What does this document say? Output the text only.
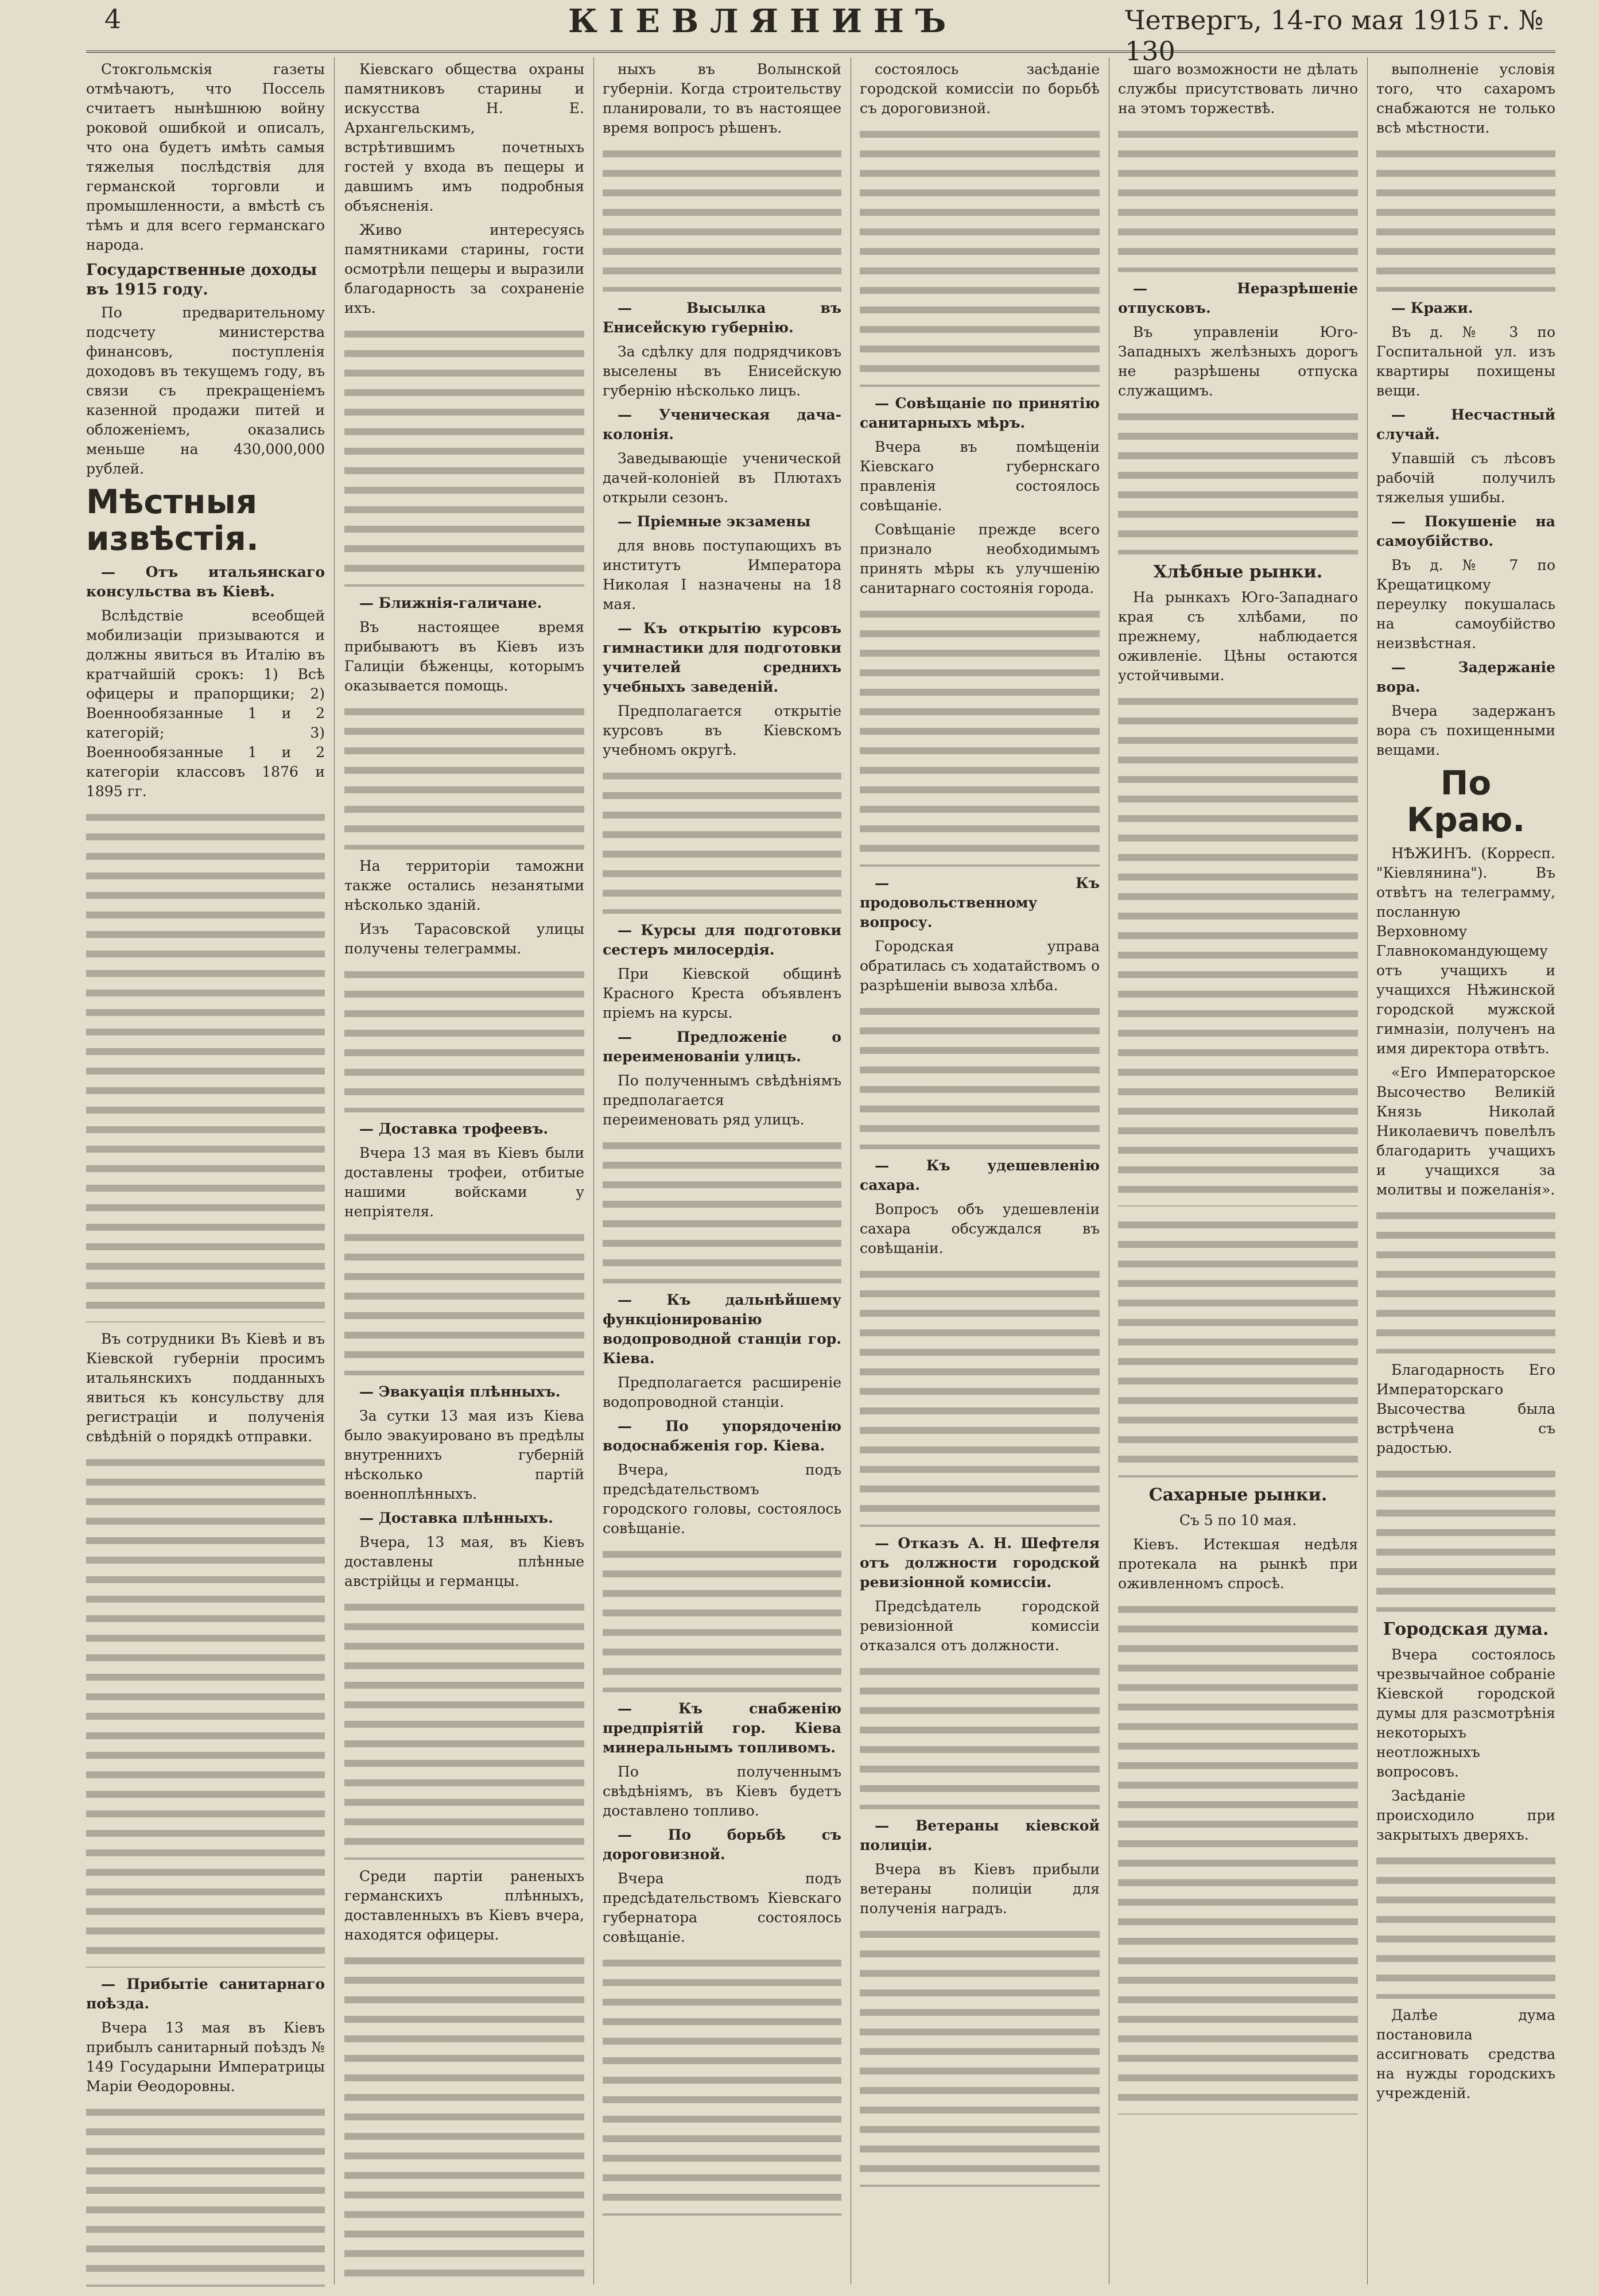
4	КІЕВЛЯНИНЪ	Четвергъ, 14-го мая 1915 г. № 130

Стокгольмскія газеты отмѣчаютъ, что Поссель считаетъ нынѣшнюю войну роковой ошибкой и описалъ, что она будетъ имѣть самыя тяжелыя послѣдствія для германской торговли и промышленности, а вмѣстѣ съ тѣмъ и для всего германскаго народа.

Государственные доходы въ 1915 году.

По предварительному подсчету министерства финансовъ, поступленія доходовъ въ текущемъ году, въ связи съ прекращеніемъ казенной продажи питей и обложеніемъ, оказались меньше на 430,000,000 рублей.

Мѣстныя извѣстія.

— Отъ итальянскаго консульства въ Кіевѣ.

Вслѣдствіе всеобщей мобилизаціи призываются и должны явиться въ Италію въ кратчайшій срокъ: 1) Всѣ офицеры и прапорщики; 2) Военнообязанные 1 и 2 категорій; 3) Военнообязанные 1 и 2 категоріи классовъ 1876 и 1895 гг.

Въ сотрудники Въ Кіевѣ и въ Кіевской губерніи просимъ итальянскихъ подданныхъ явиться къ консульству для регистраціи и полученія свѣдѣній о порядкѣ отправки.

— Прибытіе санитарнаго поѣзда.

Вчера 13 мая въ Кіевъ прибылъ санитарный поѣздъ № 149 Государыни Императрицы Маріи Ѳеодоровны.

Кіевскаго общества охраны памятниковъ старины и искусства Н. Е. Архангельскимъ, встрѣтившимъ почетныхъ гостей у входа въ пещеры и давшимъ имъ подробныя объясненія.

Живо интересуясь памятниками старины, гости осмотрѣли пещеры и выразили благодарность за сохраненіе ихъ.

— Ближнія-галичане.

Въ настоящее время прибываютъ въ Кіевъ изъ Галиціи бѣженцы, которымъ оказывается помощь.

На территоріи таможни также остались незанятыми нѣсколько зданій.

Изъ Тарасовской улицы получены телеграммы.

— Доставка трофеевъ.

Вчера 13 мая въ Кіевъ были доставлены трофеи, отбитые нашими войсками у непріятеля.

— Эвакуація плѣнныхъ.

За сутки 13 мая изъ Кіева было эвакуировано въ предѣлы внутреннихъ губерній нѣсколько партій военноплѣнныхъ.

— Доставка плѣнныхъ.

Вчера, 13 мая, въ Кіевъ доставлены плѣнные австрійцы и германцы.

Среди партіи раненыхъ германскихъ плѣнныхъ, доставленныхъ въ Кіевъ вчера, находятся офицеры.

ныхъ въ Волынской губерніи. Когда строительству планировали, то въ настоящее время вопросъ рѣшенъ.

— Высылка въ Енисейскую губернію.

За сдѣлку для подрядчиковъ выселены въ Енисейскую губернію нѣсколько лицъ.

— Ученическая дача-колонія.

Заведывающіе ученической дачей-колоніей въ Плютахъ открыли сезонъ.

— Пріемные экзамены

для вновь поступающихъ въ институтъ Императора Николая I назначены на 18 мая.

— Къ открытію курсовъ гимнастики для подготовки учителей среднихъ учебныхъ заведеній.

Предполагается открытіе курсовъ въ Кіевскомъ учебномъ округѣ.

— Курсы для подготовки сестеръ милосердія.

При Кіевской общинѣ Красного Креста объявленъ пріемъ на курсы.

— Предложеніе о переименованіи улицъ.

По полученнымъ свѣдѣніямъ предполагается переименовать ряд улицъ.

— Къ дальнѣйшему функціонированію водопроводной станціи гор. Кіева.

Предполагается расширеніе водопроводной станціи.

— По упорядоченію водоснабженія гор. Кіева.

Вчера, подъ предсѣдательствомъ городского головы, состоялось совѣщаніе.

— Къ снабженію предпріятій гор. Кіева минеральнымъ топливомъ.

По полученнымъ свѣдѣніямъ, въ Кіевъ будетъ доставлено топливо.

— По борьбѣ съ дороговизной.

Вчера подъ предсѣдательствомъ Кіевскаго губернатора состоялось совѣщаніе.

состоялось засѣданіе городской комиссіи по борьбѣ съ дороговизной.

— Совѣщаніе по принятію санитарныхъ мѣръ.

Вчера въ помѣщеніи Кіевскаго губернскаго правленія состоялось совѣщаніе.

Совѣщаніе прежде всего признало необходимымъ принять мѣры къ улучшенію санитарнаго состоянія города.

— Къ продовольственному вопросу.

Городская управа обратилась съ ходатайствомъ о разрѣшеніи вывоза хлѣба.

— Къ удешевленію сахара.

Вопросъ объ удешевленіи сахара обсуждался въ совѣщаніи.

— Отказъ А. Н. Шефтеля отъ должности городской ревизіонной комиссіи.

Предсѣдатель городской ревизіонной комиссіи отказался отъ должности.

— Ветераны кіевской полиціи.

Вчера въ Кіевъ прибыли ветераны полиціи для полученія наградъ.

шаго возможности не дѣлать службы присутствовать лично на этомъ торжествѣ.

— Неразрѣшеніе отпусковъ.

Въ управленіи Юго-Западныхъ желѣзныхъ дорогъ не разрѣшены отпуска служащимъ.

Хлѣбные рынки.

На рынкахъ Юго-Западнаго края съ хлѣбами, по прежнему, наблюдается оживленіе. Цѣны остаются устойчивыми.

Сахарные рынки.

Съ 5 по 10 мая.

Кіевъ. Истекшая недѣля протекала на рынкѣ при оживленномъ спросѣ.

выполненіе условія того, что сахаромъ снабжаются не только всѣ мѣстности.

— Кражи.

Въ д. № 3 по Госпитальной ул. изъ квартиры похищены вещи.

— Несчастный случай.

Упавшій съ лѣсовъ рабочій получилъ тяжелыя ушибы.

— Покушеніе на самоубійство.

Въ д. № 7 по Крещатицкому переулку покушалась на самоубійство неизвѣстная.

— Задержаніе вора.

Вчера задержанъ вора съ похищенными вещами.

По Краю.

НѢЖИНЪ. (Корресп. "Кіевлянина"). Въ отвѣтъ на телеграмму, посланную Верховному Главнокомандующему отъ учащихъ и учащихся Нѣжинской городской мужской гимназіи, полученъ на имя директора отвѣтъ.

«Его Императорское Высочество Великій Князь Николай Николаевичъ повелѣлъ благодарить учащихъ и учащихся за молитвы и пожеланія».

Благодарность Его Императорскаго Высочества была встрѣчена съ радостью.

Городская дума.

Вчера состоялось чрезвычайное собраніе Кіевской городской думы для разсмотрѣнія некоторыхъ неотложныхъ вопросовъ.

Засѣданіе происходило при закрытыхъ дверяхъ.

Далѣе дума постановила ассигновать средства на нужды городскихъ учрежденій.
